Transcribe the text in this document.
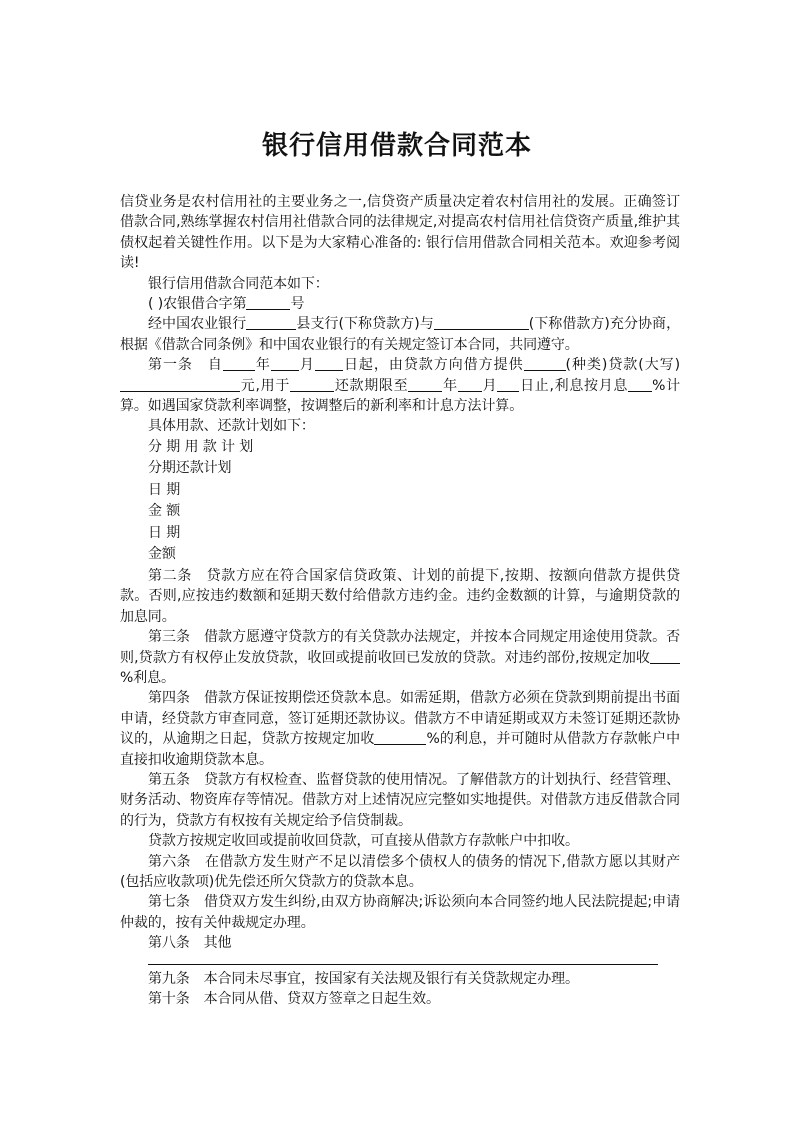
银行信用借款合同范本

信贷业务是农村信用社的主要业务之一,信贷资产质量决定着农村信用社的发展。正确签订借款合同,熟练掌握农村信用社借款合同的法律规定,对提高农村信用社信贷资产质量,维护其债权起着关键性作用。以下是为大家精心准备的: 银行信用借款合同相关范本。欢迎参考阅读!

银行信用借款合同范本如下：

( )农银借合字第	号

经中国农业银行	县支行(下称贷款方)与	(下称借款方)充分协商，根据《借款合同条例》和中国农业银行的有关规定签订本合同，共同遵守。

第一条　自 年 月 日起，由贷款方向借方提供	(种类)贷款(大写)元,用于	还款期限至 年 月 日止,利息按月息 %计算。如遇国家贷款利率调整，按调整后的新利率和计息方法计算。

具体用款、还款计划如下：

分 期 用 款 计 划

分期还款计划

日 期

金 额

日 期

金额

第二条　贷款方应在符合国家信贷政策、计划的前提下,按期、按额向借款方提供贷款。否则,应按违约数额和延期天数付给借款方违约金。违约金数额的计算，与逾期贷款的加息同。

第三条　借款方愿遵守贷款方的有关贷款办法规定，并按本合同规定用途使用贷款。否则,贷款方有权停止发放贷款，收回或提前收回已发放的贷款。对违约部份,按规定加收%利息。

第四条　借款方保证按期偿还贷款本息。如需延期，借款方必须在贷款到期前提出书面申请，经贷款方审查同意，签订延期还款协议。借款方不申请延期或双方未签订延期还款协议的，从逾期之日起，贷款方按规定加收	%的利息，并可随时从借款方存款帐户中直接扣收逾期贷款本息。

第五条　贷款方有权检查、监督贷款的使用情况。了解借款方的计划执行、经营管理、财务活动、物资库存等情况。借款方对上述情况应完整如实地提供。对借款方违反借款合同的行为，贷款方有权按有关规定给予信贷制裁。

贷款方按规定收回或提前收回贷款，可直接从借款方存款帐户中扣收。

第六条　在借款方发生财产不足以清偿多个债权人的债务的情况下,借款方愿以其财产(包括应收款项)优先偿还所欠贷款方的贷款本息。

第七条　借贷双方发生纠纷,由双方协商解决;诉讼须向本合同签约地人民法院提起;申请仲裁的，按有关仲裁规定办理。

第八条　其他

第九条　本合同未尽事宜，按国家有关法规及银行有关贷款规定办理。

第十条　本合同从借、贷双方签章之日起生效。
